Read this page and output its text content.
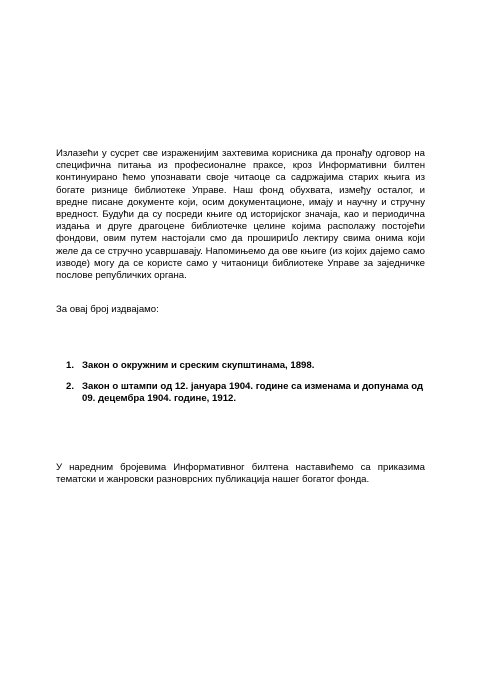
Излазећи у сусрет све израженијим захтевима корисника да пронађу одговор на специфична питања из професионалне праксе, кроз Информативни билтен континуирано ћемо упознавати своје читаоце са садржајима старих књига из богате ризнице библиотеке Управе. Наш фонд обухвата, између осталог, и вредне писане документе који, осим документационе, имају и научну и стручну вредност. Будући да су посреди књиге од историјског значаја, као и периодична издања и друге драгоцене библиотечке целине којима располажу постојећи фондови, овим путем настојали смо да прошириմо лектиру свима онима који желе да се стручно усавршавају. Напомињемо да ове књиге (из којих дајемо само изводе) могу да се користе само у читаоници библиотеке Управе за заједничке послове републичких органа.

За овај број издвајамо:

1. Закон о окружним и среским скупштинама, 1898.
2. Закон о штампи од 12. јануара 1904. године са изменама и допунама од 09. децембра 1904. године, 1912.

У наредним бројевима Информативног билтена наставићемо са приказима тематски и жанровски разноврсних публикација нашег богатог фонда.
